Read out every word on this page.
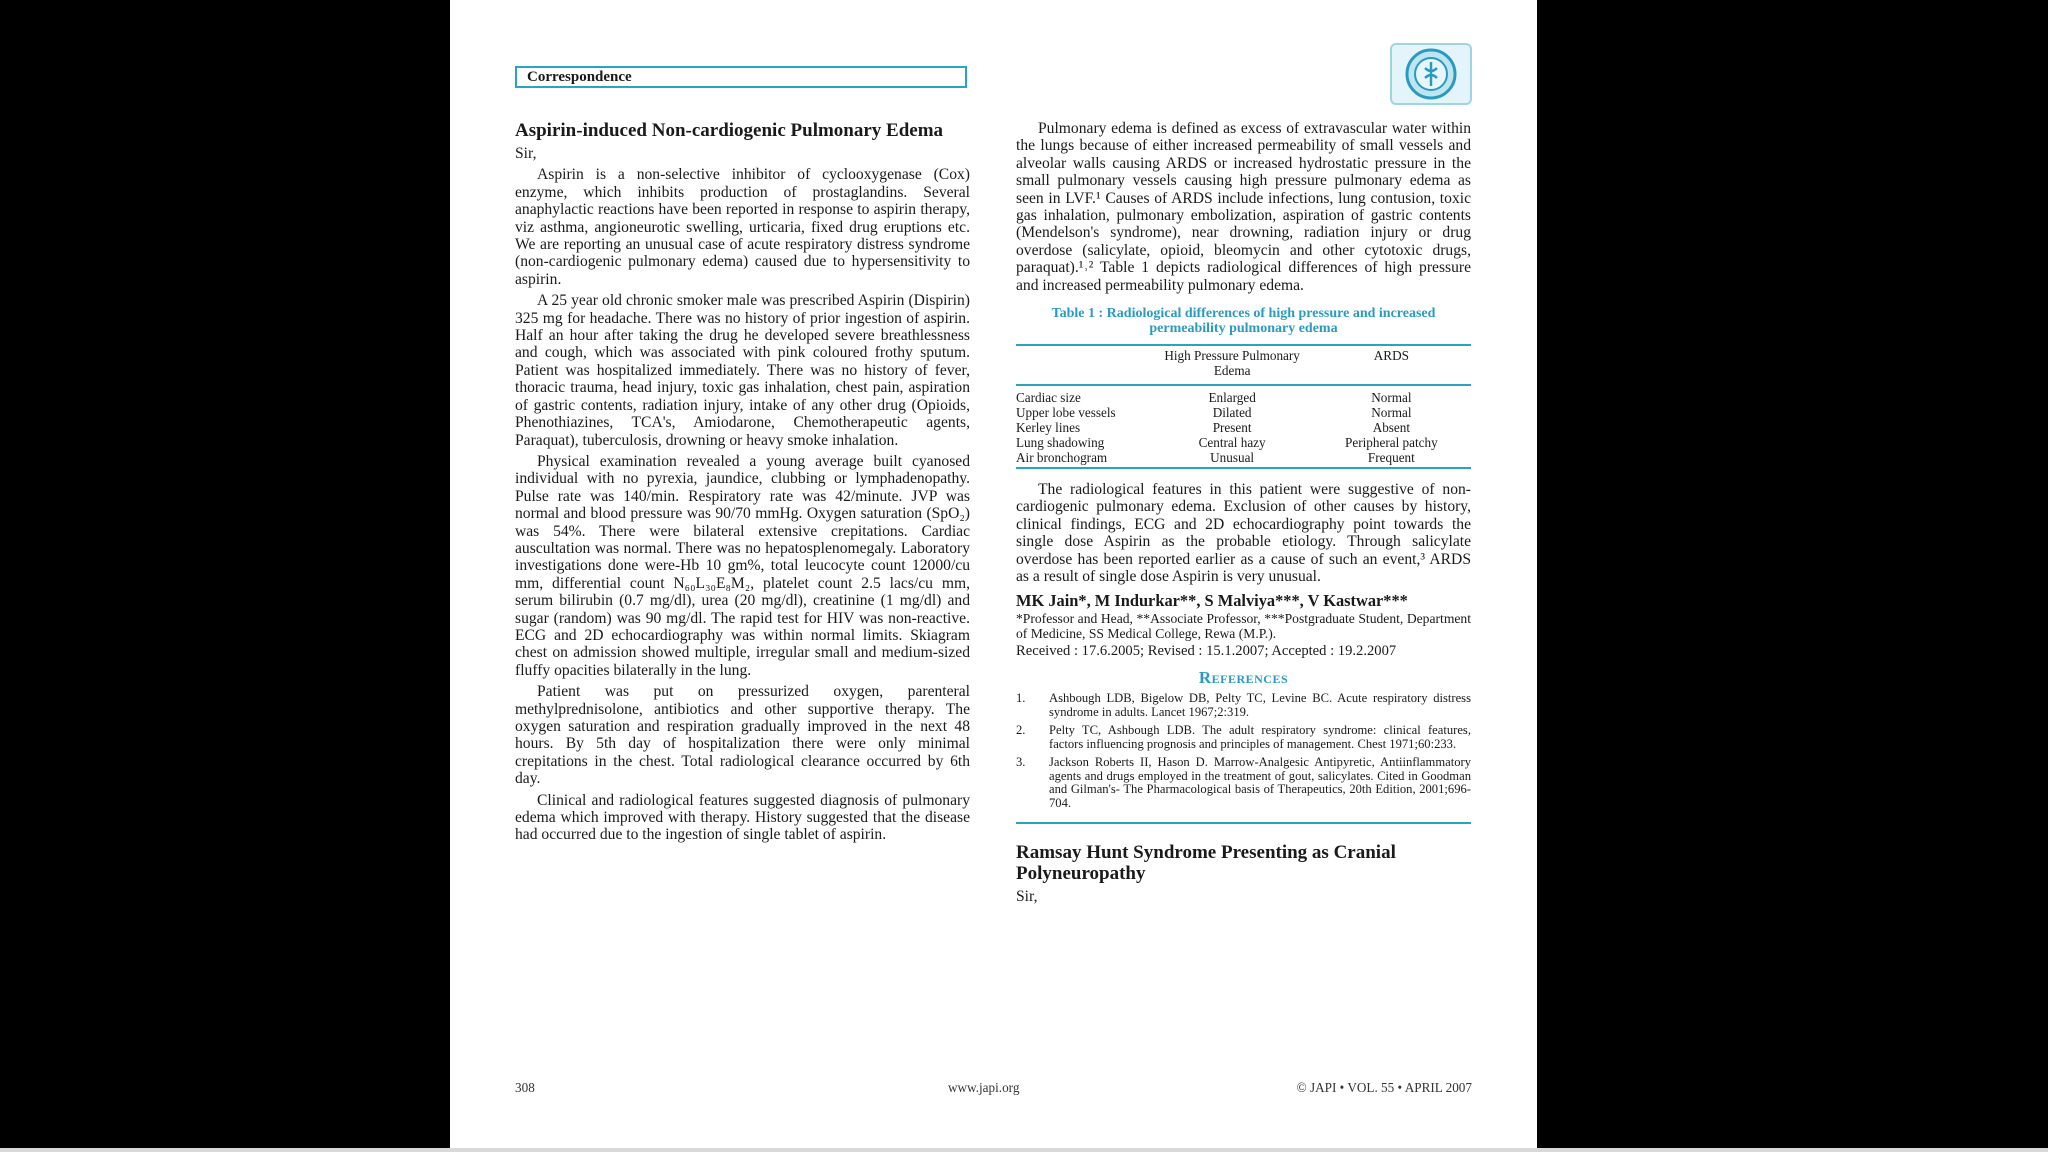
Correspondence
Aspirin-induced Non-cardiogenic Pulmonary Edema

Sir,

Aspirin is a non-selective inhibitor of cyclooxygenase (Cox) enzyme, which inhibits production of prostaglandins. Several anaphylactic reactions have been reported in response to aspirin therapy, viz asthma, angioneurotic swelling, urticaria, fixed drug eruptions etc. We are reporting an unusual case of acute respiratory distress syndrome (non-cardiogenic pulmonary edema) caused due to hypersensitivity to aspirin.

A 25 year old chronic smoker male was prescribed Aspirin (Dispirin) 325 mg for headache. There was no history of prior ingestion of aspirin. Half an hour after taking the drug he developed severe breathlessness and cough, which was associated with pink coloured frothy sputum. Patient was hospitalized immediately. There was no history of fever, thoracic trauma, head injury, toxic gas inhalation, chest pain, aspiration of gastric contents, radiation injury, intake of any other drug (Opioids, Phenothiazines, TCA's, Amiodarone, Chemotherapeutic agents, Paraquat), tuberculosis, drowning or heavy smoke inhalation.

Physical examination revealed a young average built cyanosed individual with no pyrexia, jaundice, clubbing or lymphadenopathy. Pulse rate was 140/min. Respiratory rate was 42/minute. JVP was normal and blood pressure was 90/70 mmHg. Oxygen saturation (SpO₂) was 54%. There were bilateral extensive crepitations. Cardiac auscultation was normal. There was no hepatosplenomegaly. Laboratory investigations done were-Hb 10 gm%, total leucocyte count 12000/cu mm, differential count N₆₀L₃₀E₈M₂, platelet count 2.5 lacs/cu mm, serum bilirubin (0.7 mg/dl), urea (20 mg/dl), creatinine (1 mg/dl) and sugar (random) was 90 mg/dl. The rapid test for HIV was non-reactive. ECG and 2D echocardiography was within normal limits. Skiagram chest on admission showed multiple, irregular small and medium-sized fluffy opacities bilaterally in the lung.

Patient was put on pressurized oxygen, parenteral methylprednisolone, antibiotics and other supportive therapy. The oxygen saturation and respiration gradually improved in the next 48 hours. By 5th day of hospitalization there were only minimal crepitations in the chest. Total radiological clearance occurred by 6th day.

Clinical and radiological features suggested diagnosis of pulmonary edema which improved with therapy. History suggested that the disease had occurred due to the ingestion of single tablet of aspirin.

Pulmonary edema is defined as excess of extravascular water within the lungs because of either increased permeability of small vessels and alveolar walls causing ARDS or increased hydrostatic pressure in the small pulmonary vessels causing high pressure pulmonary edema as seen in LVF.¹ Causes of ARDS include infections, lung contusion, toxic gas inhalation, pulmonary embolization, aspiration of gastric contents (Mendelson's syndrome), near drowning, radiation injury or drug overdose (salicylate, opioid, bleomycin and other cytotoxic drugs, paraquat).¹˒² Table 1 depicts radiological differences of high pressure and increased permeability pulmonary edema.

Table 1 : Radiological differences of high pressure and increased permeability pulmonary edema
	High Pressure Pulmonary Edema	ARDS
Cardiac size	Enlarged	Normal
Upper lobe vessels	Dilated	Normal
Kerley lines	Present	Absent
Lung shadowing	Central hazy	Peripheral patchy
Air bronchogram	Unusual	Frequent

The radiological features in this patient were suggestive of non-cardiogenic pulmonary edema. Exclusion of other causes by history, clinical findings, ECG and 2D echocardiography point towards the single dose Aspirin as the probable etiology. Through salicylate overdose has been reported earlier as a cause of such an event,³ ARDS as a result of single dose Aspirin is very unusual.

MK Jain*, M Indurkar**, S Malviya***, V Kastwar***
*Professor and Head, **Associate Professor, ***Postgraduate Student, Department of Medicine, SS Medical College, Rewa (M.P.).
Received : 17.6.2005; Revised : 15.1.2007; Accepted : 19.2.2007
References
1.	Ashbough LDB, Bigelow DB, Pelty TC, Levine BC. Acute respiratory distress syndrome in adults. Lancet 1967;2:319.
2.	Pelty TC, Ashbough LDB. The adult respiratory syndrome: clinical features, factors influencing prognosis and principles of management. Chest 1971;60:233.
3.	Jackson Roberts II, Hason D. Marrow-Analgesic Antipyretic, Antiinflammatory agents and drugs employed in the treatment of gout, salicylates. Cited in Goodman and Gilman's- The Pharmacological basis of Therapeutics, 20th Edition, 2001;696-704.
Ramsay Hunt Syndrome Presenting as Cranial Polyneuropathy

Sir,

308	www.japi.org	© JAPI • VOL. 55 • APRIL 2007
